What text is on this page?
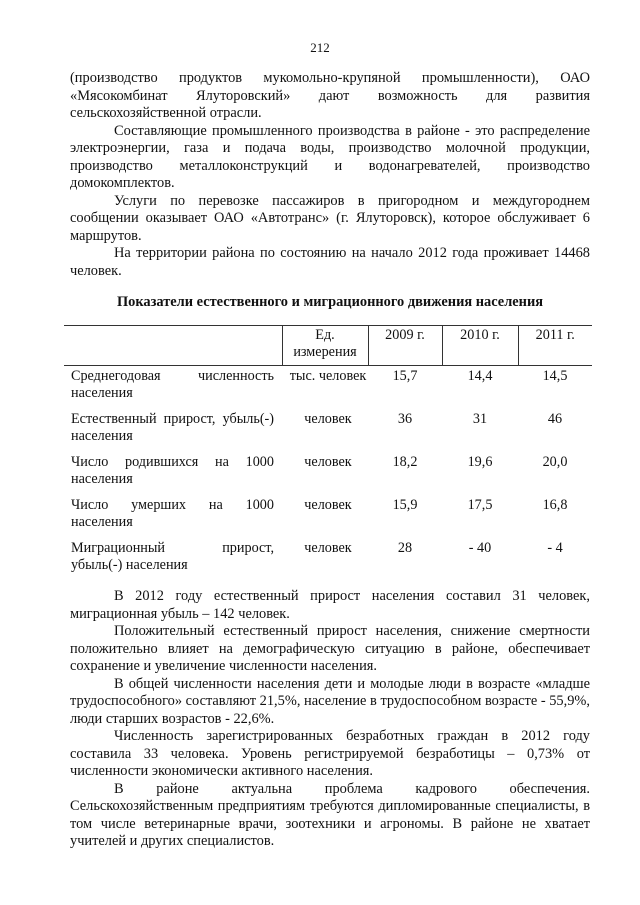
212

(производство продуктов мукомольно-крупяной промышленности), ОАО «Мясокомбинат Ялуторовский» дают возможность для развития сельскохозяйственной отрасли.

Составляющие промышленного производства в районе - это распределение электроэнергии, газа и подача воды, производство молочной продукции, производство металлоконструкций и водонагревателей, производство домокомплектов.

Услуги по перевозке пассажиров в пригородном и междугороднем сообщении оказывает ОАО «Автотранс» (г. Ялуторовск), которое обслуживает 6 маршрутов.

На территории района по состоянию на начало 2012 года проживает 14468 человек.

Показатели естественного и миграционного движения населения
	Ед. измерения	2009 г.	2010 г.	2011 г.
Среднегодовая численность населения	тыс. человек	15,7	14,4	14,5
Естественный прирост, убыль(-) населения	человек	36	31	46
Число родившихся на 1000 населения	человек	18,2	19,6	20,0
Число умерших на 1000 населения	человек	15,9	17,5	16,8
Миграционный прирост, убыль(-) населения	человек	28	- 40	- 4

В 2012 году естественный прирост населения составил 31 человек, миграционная убыль – 142 человек.

Положительный естественный прирост населения, снижение смертности положительно влияет на демографическую ситуацию в районе, обеспечивает сохранение и увеличение численности населения.

В общей численности населения дети и молодые люди в возрасте «младше трудоспособного» составляют 21,5%, население в трудоспособном возрасте - 55,9%, люди старших возрастов - 22,6%.

Численность зарегистрированных безработных граждан в 2012 году составила 33 человека. Уровень регистрируемой безработицы – 0,73% от численности экономически активного населения.

В районе актуальна проблема кадрового обеспечения. Сельскохозяйственным предприятиям требуются дипломированные специалисты, в том числе ветеринарные врачи, зоотехники и агрономы. В районе не хватает учителей и других специалистов.
